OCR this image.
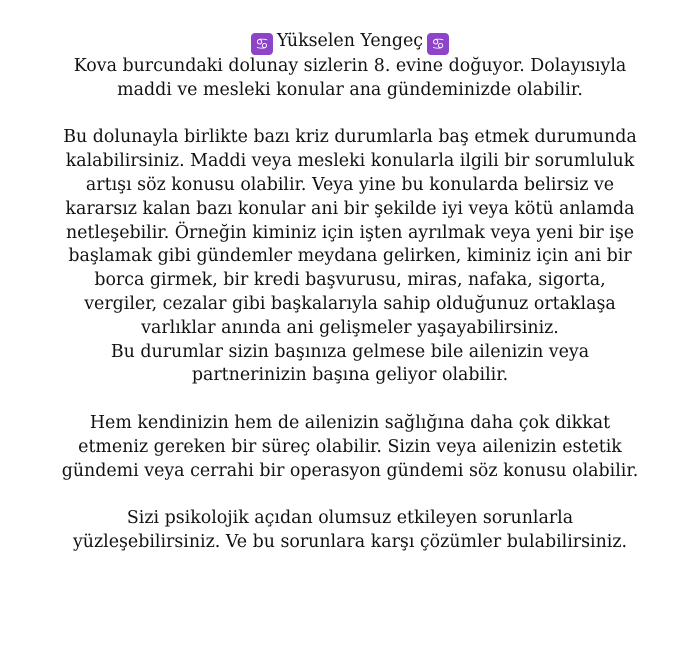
♋ Yükselen Yengeç ♋
Kova burcundaki dolunay sizlerin 8. evine doğuyor. Dolayısıyla
maddi ve mesleki konular ana gündeminizde olabilir.
Bu dolunayla birlikte bazı kriz durumlarla baş etmek durumunda
kalabilirsiniz. Maddi veya mesleki konularla ilgili bir sorumluluk
artışı söz konusu olabilir. Veya yine bu konularda belirsiz ve
kararsız kalan bazı konular ani bir şekilde iyi veya kötü anlamda
netleşebilir. Örneğin kiminiz için işten ayrılmak veya yeni bir işe
başlamak gibi gündemler meydana gelirken, kiminiz için ani bir
borca girmek, bir kredi başvurusu, miras, nafaka, sigorta,
vergiler, cezalar gibi başkalarıyla sahip olduğunuz ortaklaşa
varlıklar anında ani gelişmeler yaşayabilirsiniz.
Bu durumlar sizin başınıza gelmese bile ailenizin veya
partnerinizin başına geliyor olabilir.
Hem kendinizin hem de ailenizin sağlığına daha çok dikkat
etmeniz gereken bir süreç olabilir. Sizin veya ailenizin estetik
gündemi veya cerrahi bir operasyon gündemi söz konusu olabilir.
Sizi psikolojik açıdan olumsuz etkileyen sorunlarla
yüzleşebilirsiniz. Ve bu sorunlara karşı çözümler bulabilirsiniz.
